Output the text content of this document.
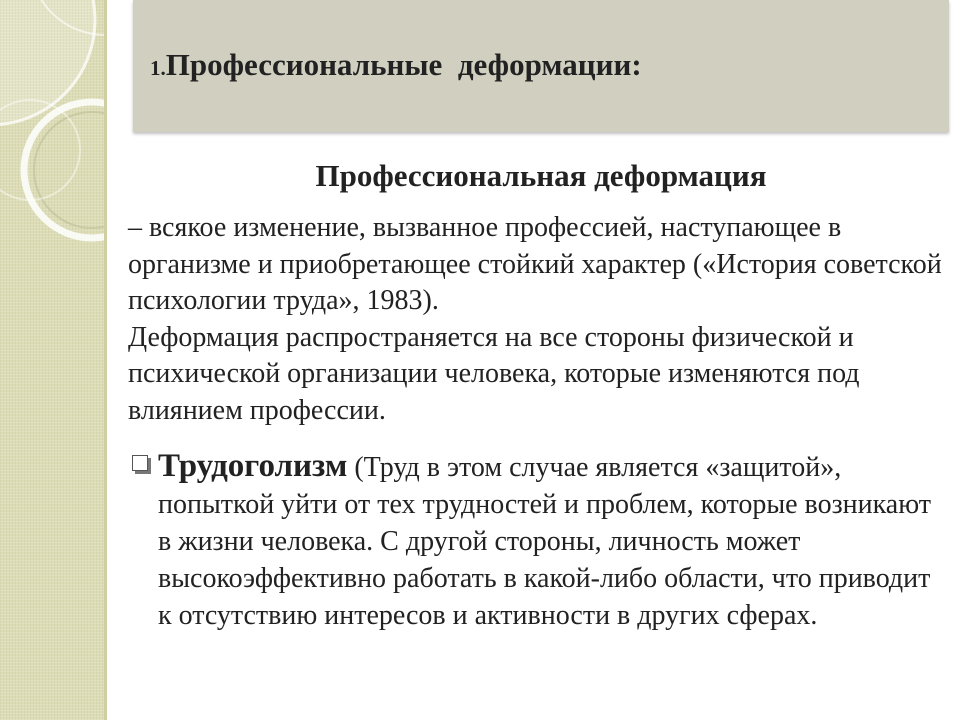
1.Профессиональные  деформации:
Профессиональная деформация

– всякое изменение, вызванное профессией, наступающее в организме и приобретающее стойкий характер («История советской психологии труда», 1983).

Деформация распространяется на все стороны физической и психической организации человека, которые изменяются под влиянием профессии.

Трудоголизм (Труд в этом случае является «защитой», попыткой уйти от тех трудностей и проблем, которые возникают в жизни человека. С другой стороны, личность может высокоэффективно работать в какой-либо области, что приводит к отсутствию интересов и активности в других сферах.
